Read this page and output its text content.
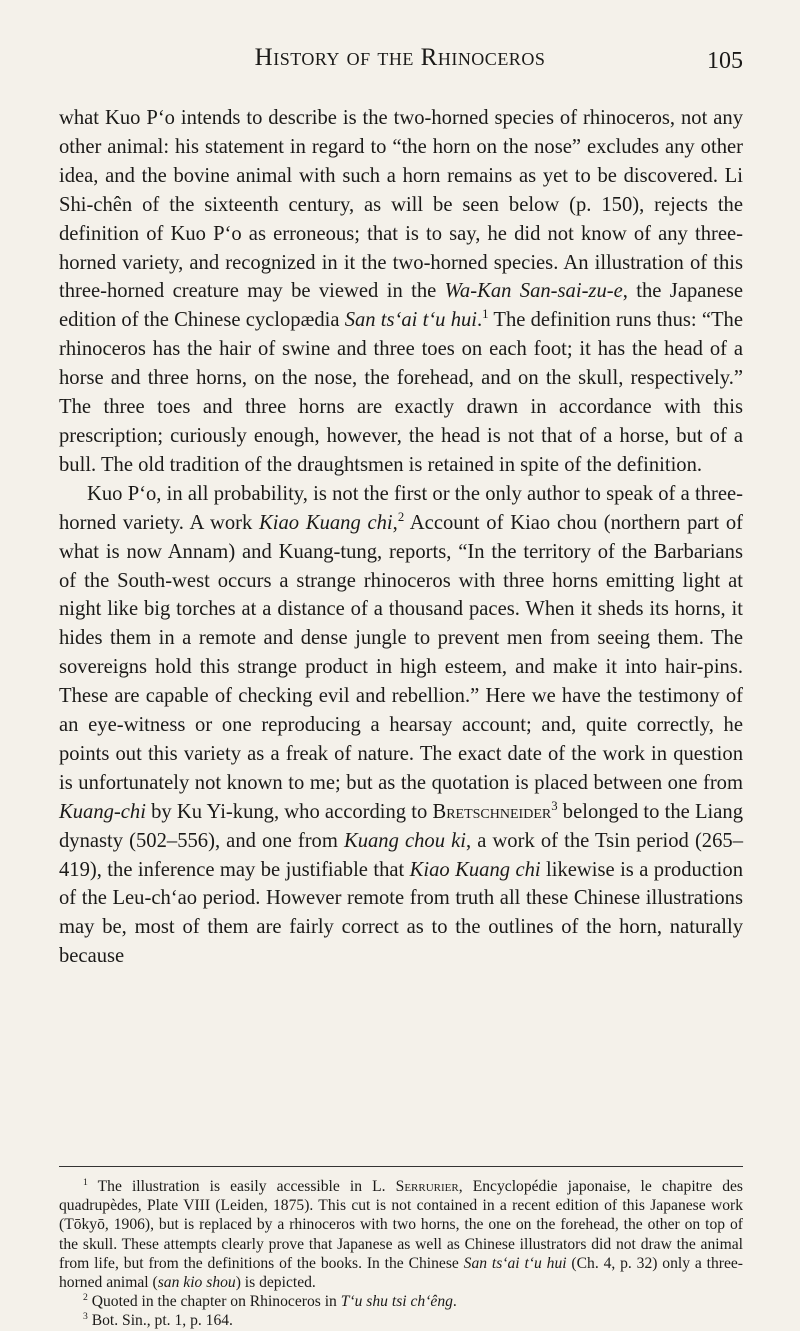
History of the Rhinoceros	105

what Kuo P‘o intends to describe is the two-horned species of rhinoceros, not any other animal: his statement in regard to “the horn on the nose” excludes any other idea, and the bovine animal with such a horn remains as yet to be discovered. Li Shi-chên of the sixteenth century, as will be seen below (p. 150), rejects the definition of Kuo P‘o as erroneous; that is to say, he did not know of any three-horned variety, and recognized in it the two-horned species. An illustration of this three-horned creature may be viewed in the Wa-Kan San-sai-zu-e, the Japanese edition of the Chinese cyclopædia San ts‘ai t‘u hui.$^1$ The definition runs thus: “The rhinoceros has the hair of swine and three toes on each foot; it has the head of a horse and three horns, on the nose, the forehead, and on the skull, respectively.” The three toes and three horns are exactly drawn in accordance with this prescription; curiously enough, however, the head is not that of a horse, but of a bull. The old tradition of the draughtsmen is retained in spite of the definition.

Kuo P‘o, in all probability, is not the first or the only author to speak of a three-horned variety. A work Kiao Kuang chi,$^2$ Account of Kiao chou (northern part of what is now Annam) and Kuang-tung, reports, “In the territory of the Barbarians of the South-west occurs a strange rhinoceros with three horns emitting light at night like big torches at a distance of a thousand paces. When it sheds its horns, it hides them in a remote and dense jungle to prevent men from seeing them. The sovereigns hold this strange product in high esteem, and make it into hair-pins. These are capable of checking evil and rebellion.” Here we have the testimony of an eye-witness or one reproducing a hearsay account; and, quite correctly, he points out this variety as a freak of nature. The exact date of the work in question is unfortunately not known to me; but as the quotation is placed between one from Kuang-chi by Ku Yi-kung, who according to Bretschneider$^3$ belonged to the Liang dynasty (502–556), and one from Kuang chou ki, a work of the Tsin period (265–419), the inference may be justifiable that Kiao Kuang chi likewise is a production of the Leu-ch‘ao period. However remote from truth all these Chinese illustrations may be, most of them are fairly correct as to the outlines of the horn, naturally because

$^1$ The illustration is easily accessible in L. Serrurier, Encyclopédie japonaise, le chapitre des quadrupèdes, Plate VIII (Leiden, 1875). This cut is not contained in a recent edition of this Japanese work (Tōkyō, 1906), but is replaced by a rhinoceros with two horns, the one on the forehead, the other on top of the skull. These attempts clearly prove that Japanese as well as Chinese illustrators did not draw the animal from life, but from the definitions of the books. In the Chinese San ts‘ai t‘u hui (Ch. 4, p. 32) only a three-horned animal (san kio shou) is depicted.

$^2$ Quoted in the chapter on Rhinoceros in T‘u shu tsi ch‘êng.

$^3$ Bot. Sin., pt. 1, p. 164.
